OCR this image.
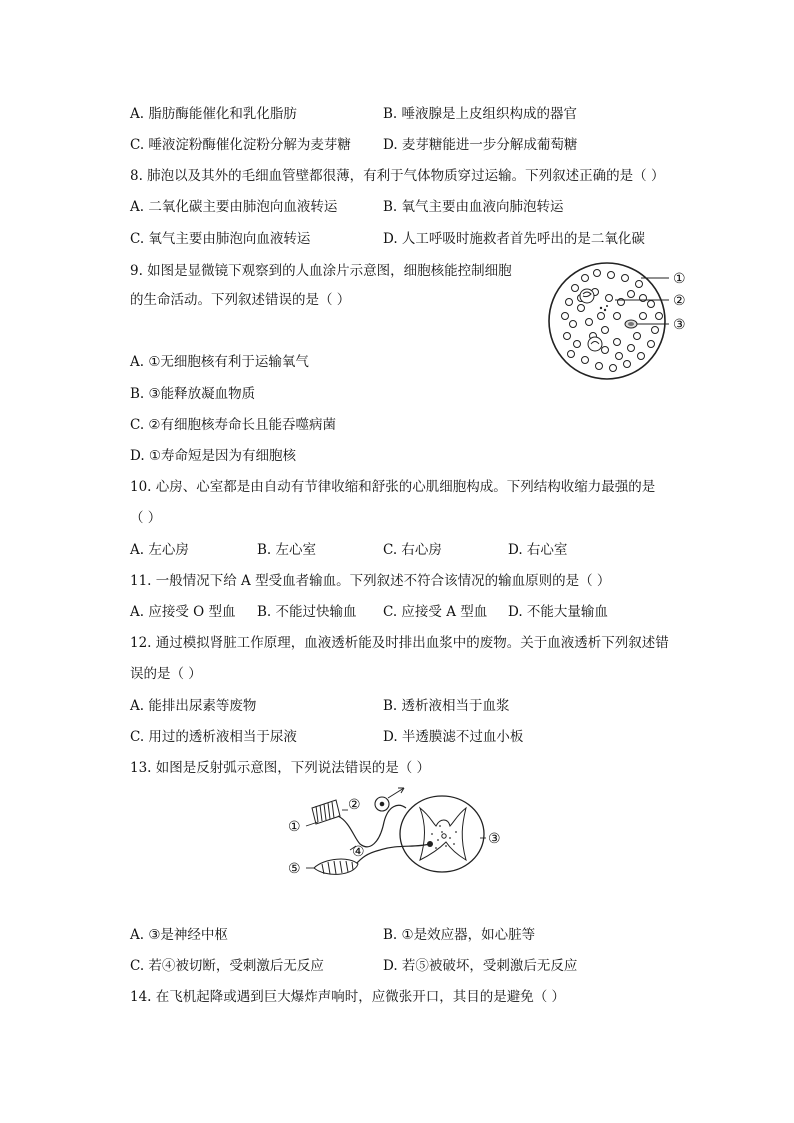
A. 脂肪酶能催化和乳化脂肪	B. 唾液腺是上皮组织构成的器官
C. 唾液淀粉酶催化淀粉分解为麦芽糖 D. 麦芽糖能进一步分解成葡萄糖
8. 肺泡以及其外的毛细血管壁都很薄，有利于气体物质穿过运输。下列叙述正确的是（ ）
A. 二氧化碳主要由肺泡向血液转运	B. 氧气主要由血液向肺泡转运
C. 氧气主要由肺泡向血液转运	D. 人工呼吸时施救者首先呼出的是二氧化碳
9. 如图是显微镜下观察到的人血涂片示意图，细胞核能控制细胞
的生命活动。下列叙述错误的是（ ）
①
②
③
A. ①无细胞核有利于运输氧气
B. ③能释放凝血物质
C. ②有细胞核寿命长且能吞噬病菌
D. ①寿命短是因为有细胞核
10. 心房、心室都是由自动有节律收缩和舒张的心肌细胞构成。下列结构收缩力最强的是
（ ）
A. 左心房	B. 左心室	C. 右心房	D. 右心室
11. 一般情况下给 A 型受血者输血。下列叙述不符合该情况的输血原则的是（ ）
A. 应接受 O 型血 B. 不能过快输血 C. 应接受 A 型血 D. 不能大量输血
12. 通过模拟肾脏工作原理，血液透析能及时排出血浆中的废物。关于血液透析下列叙述错
误的是（ ）
A. 能排出尿素等废物	B. 透析液相当于血浆
C. 用过的透析液相当于尿液	D. 半透膜滤不过血小板
13. 如图是反射弧示意图，下列说法错误的是（ ）
①
②
③
④
⑤
A. ③是神经中枢	B. ①是效应器，如心脏等
C. 若④被切断，受刺激后无反应	D. 若⑤被破坏，受刺激后无反应
14. 在飞机起降或遇到巨大爆炸声响时，应微张开口，其目的是避免（ ）
